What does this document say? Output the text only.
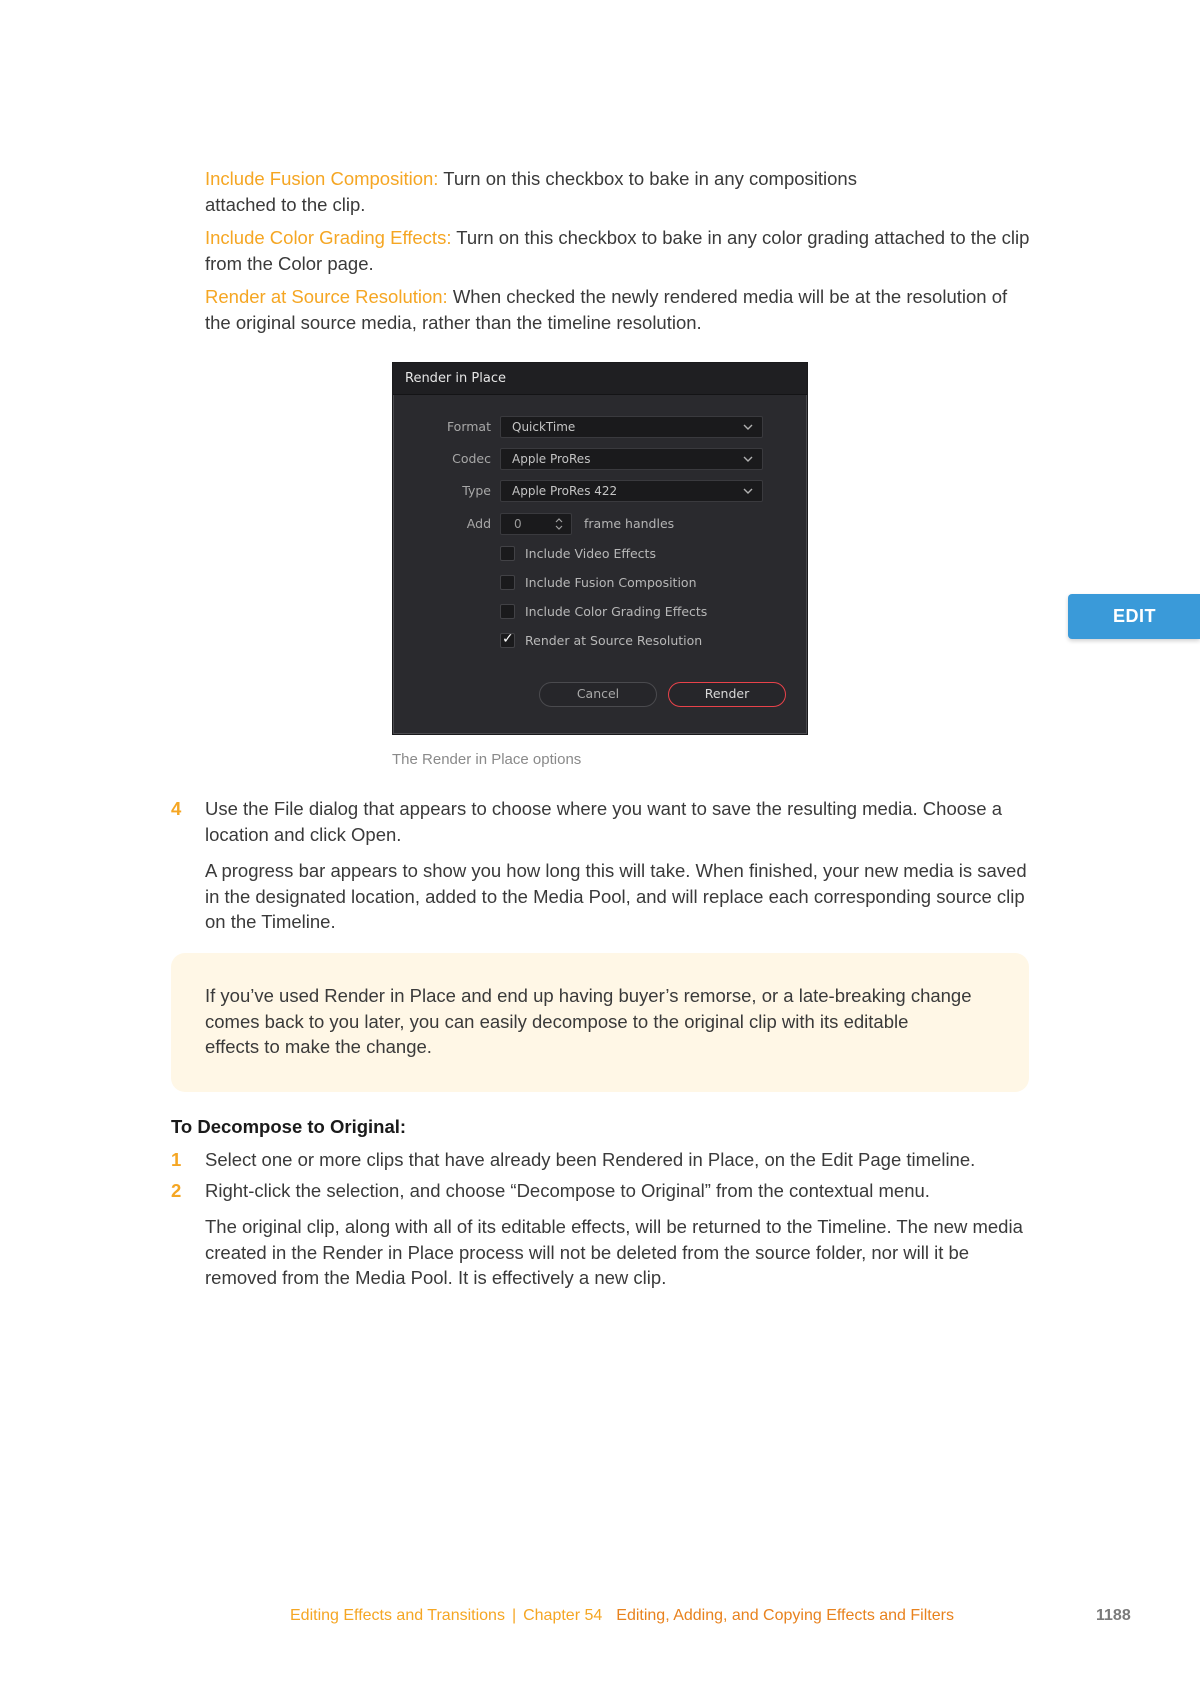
Include Fusion Composition: Turn on this checkbox to bake in any compositions
attached to the clip.
Include Color Grading Effects: Turn on this checkbox to bake in any color grading attached to the clip from the Color page.
Render at Source Resolution: When checked the newly rendered media will be at the resolution of the original source media, rather than the timeline resolution.
Render in Place
Format	QuickTime
Codec	Apple ProRes
Type	Apple ProRes 422
Add	0	frame handles
Include Video Effects
Include Fusion Composition
Include Color Grading Effects
✓ Render at Source Resolution
Cancel	Render
The Render in Place options
4 Use the File dialog that appears to choose where you want to save the resulting media. Choose a location and click Open.
A progress bar appears to show you how long this will take. When finished, your new media is saved in the designated location, added to the Media Pool, and will replace each corresponding source clip on the Timeline.
If you’ve used Render in Place and end up having buyer’s remorse, or a late-breaking change
comes back to you later, you can easily decompose to the original clip with its editable
effects to make the change.
To Decompose to Original:
1 Select one or more clips that have already been Rendered in Place, on the Edit Page timeline.
2 Right-click the selection, and choose “Decompose to Original” from the contextual menu.
The original clip, along with all of its editable effects, will be returned to the Timeline. The new media created in the Render in Place process will not be deleted from the source folder, nor will it be removed from the Media Pool. It is effectively a new clip.
EDIT
Editing Effects and Transitions | Chapter 54 Editing, Adding, and Copying Effects and Filters	1188
